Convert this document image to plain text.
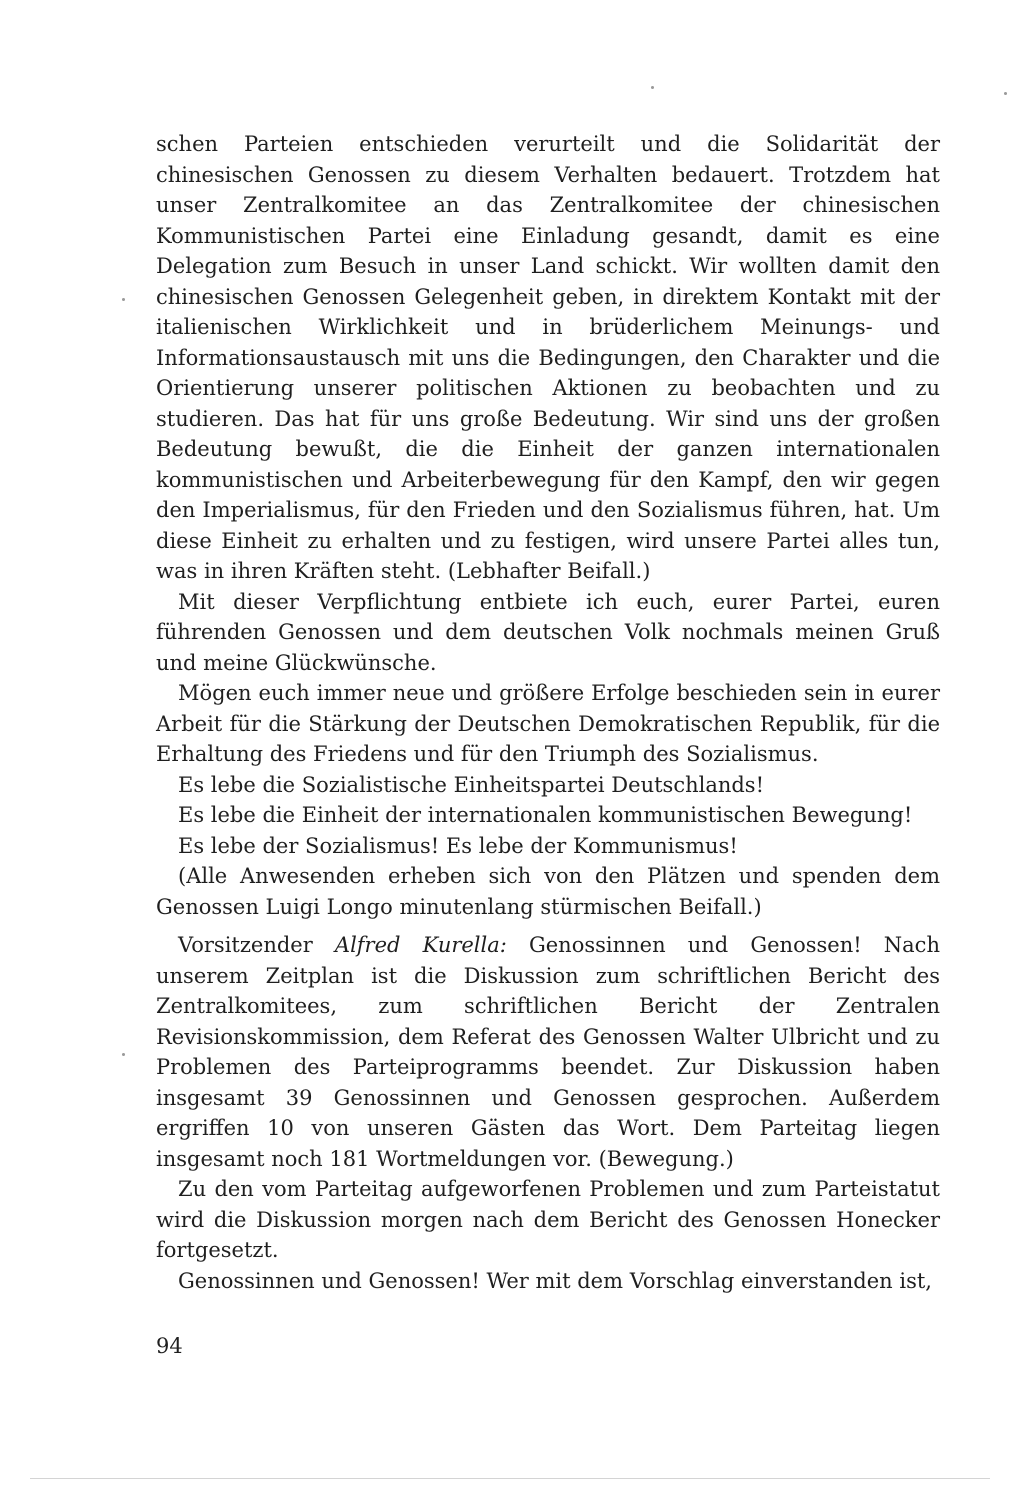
schen Parteien entschieden verurteilt und die Solidarität der chinesischen Genossen zu diesem Verhalten bedauert. Trotzdem hat unser Zentralkomitee an das Zentralkomitee der chinesischen Kommunistischen Partei eine Einladung gesandt, damit es eine Delegation zum Besuch in unser Land schickt. Wir wollten damit den chinesischen Genossen Gelegenheit geben, in direktem Kontakt mit der italienischen Wirklichkeit und in brüderlichem Meinungs- und Informationsaustausch mit uns die Bedingungen, den Charakter und die Orientierung unserer politischen Aktionen zu beobachten und zu studieren. Das hat für uns große Bedeutung. Wir sind uns der großen Bedeutung bewußt, die die Einheit der ganzen internationalen kommunistischen und Arbeiterbewegung für den Kampf, den wir gegen den Imperialismus, für den Frieden und den Sozialismus führen, hat. Um diese Einheit zu erhalten und zu festigen, wird unsere Partei alles tun, was in ihren Kräften steht. (Lebhafter Beifall.)

Mit dieser Verpflichtung entbiete ich euch, eurer Partei, euren führenden Genossen und dem deutschen Volk nochmals meinen Gruß und meine Glückwünsche.

Mögen euch immer neue und größere Erfolge beschieden sein in eurer Arbeit für die Stärkung der Deutschen Demokratischen Republik, für die Erhaltung des Friedens und für den Triumph des Sozialismus.

Es lebe die Sozialistische Einheitspartei Deutschlands!

Es lebe die Einheit der internationalen kommunistischen Bewegung!

Es lebe der Sozialismus! Es lebe der Kommunismus!

(Alle Anwesenden erheben sich von den Plätzen und spenden dem Genossen Luigi Longo minutenlang stürmischen Beifall.)

Vorsitzender Alfred Kurella: Genossinnen und Genossen! Nach unserem Zeitplan ist die Diskussion zum schriftlichen Bericht des Zentralkomitees, zum schriftlichen Bericht der Zentralen Revisionskommission, dem Referat des Genossen Walter Ulbricht und zu Problemen des Parteiprogramms beendet. Zur Diskussion haben insgesamt 39 Genossinnen und Genossen gesprochen. Außerdem ergriffen 10 von unseren Gästen das Wort. Dem Parteitag liegen insgesamt noch 181 Wortmeldungen vor. (Bewegung.)

Zu den vom Parteitag aufgeworfenen Problemen und zum Parteistatut wird die Diskussion morgen nach dem Bericht des Genossen Honecker fortgesetzt.

Genossinnen und Genossen! Wer mit dem Vorschlag einverstanden ist,

94
